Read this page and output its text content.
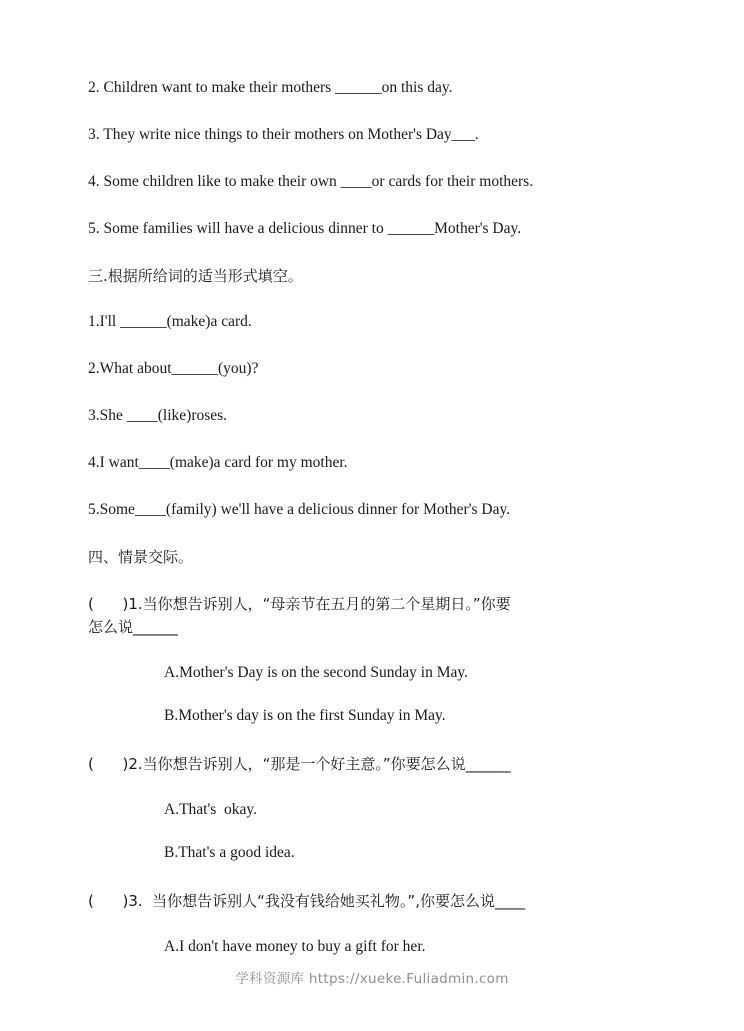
2. Children want to make their mothers ______on this day.

3. They write nice things to their mothers on Mother's Day___.

4. Some children like to make their own ____or cards for their mothers.

5. Some families will have a delicious dinner to ______Mother's Day.

三.根据所给词的适当形式填空。

1.I'll ______(make)a card.

2.What about______(you)?

3.She ____(like)roses.

4.I want____(make)a card for my mother.

5.Some____(family) we'll have a delicious dinner for Mother's Day.

四、情景交际。

(      )1.当你想告诉别人，“母亲节在五月的第二个星期日。”你要
怎么说______

A.Mother's Day is on the second Sunday in May.

B.Mother's day is on the first Sunday in May.

(      )2.当你想告诉别人，“那是一个好主意。”你要怎么说______

A.That's  okay.

B.That's a good idea.

(      )3.  当你想告诉别人“我没有钱给她买礼物。”,你要怎么说____

A.I don't have money to buy a gift for her.

学科资源库 https://xueke.Fuliadmin.com
